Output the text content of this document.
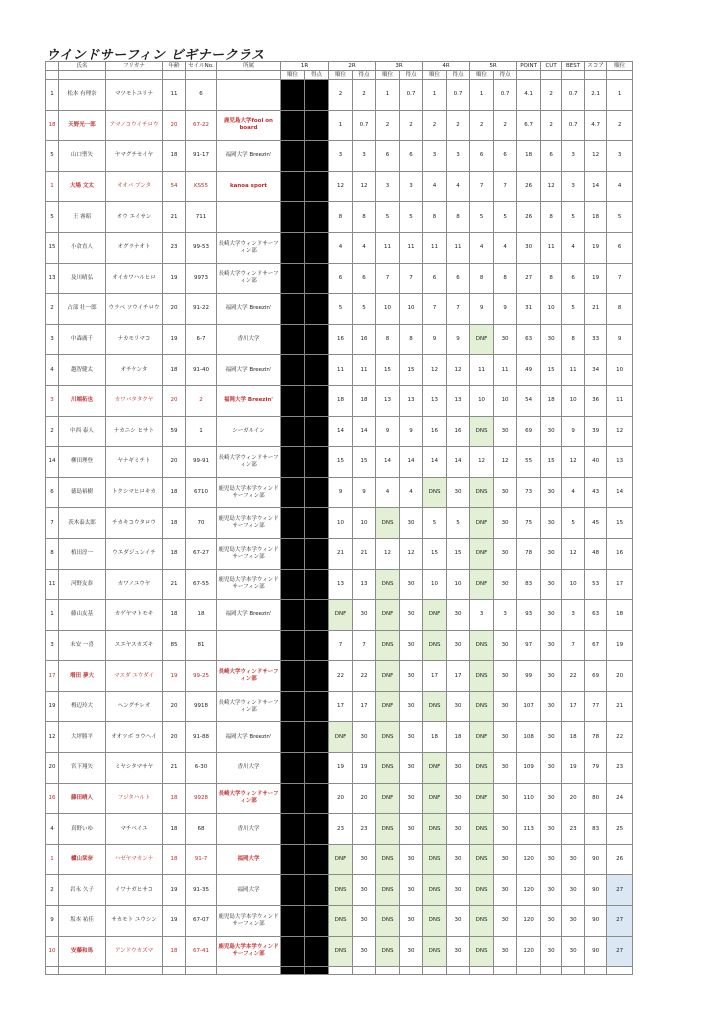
ウインドサーフィン ビギナークラス
	氏名	フリガナ	年齢	セイルNo.	所属	1R		2R		3R		4R		5R		POINT	CUT	BEST	スコア	順位
						順位	得点	順位	得点	順位	得点	順位	得点	順位	得点					
1	松本 有理奈	マツモトユリナ	11	6				2	2	1	0.7	1	0.7	1	0.7	4.1	2	0.7	2.1	1
18	天野光一郎	アマノコウイチロウ	20	67-22	鹿児島大学fool on board			1	0.7	2	2	2	2	2	2	6.7	2	0.7	4.7	2
5	山口聖矢	ヤマグチセイヤ	18	91-17	福岡大学 Breezin'			3	3	6	6	3	3	6	6	18	6	3	12	3
1	大場 文太	オオバ ブンタ	54	KS55	kanoa sport			12	12	3	3	4	4	7	7	26	12	3	14	4
5	王 睿昭	オウ エイサン	21	711				8	8	5	5	8	8	5	5	26	8	5	18	5
15	小倉直人	オグラナオト	23	99-53	長崎大学ウィンドサーフィン部			4	4	11	11	11	11	4	4	30	11	4	19	6
13	及川晴弘	オイカワハルヒロ	19	9973	長崎大学ウィンドサーフィン部			6	6	7	7	6	6	8	8	27	8	6	19	7
2	占部 壮一郎	ウラベ ソウイチロウ	20	91-22	福岡大学 Breezin'			5	5	10	10	7	7	9	9	31	10	5	21	8
3	中森廣千	ナカモリマコ	19	6-7	香川大学			16	16	8	8	9	9	DNF	30	63	30	8	33	9
4	越智健太	オチケンタ	18	91-40	福岡大学 Breezin'			11	11	15	15	12	12	11	11	49	15	11	34	10
3	川端拓也	カワバタタクヤ	20	2	福岡大学 Breezin'			18	18	13	13	13	13	10	10	54	18	10	36	11
2	中西 泰人	ナカニシ ヒサト	59	1	シーガルイン			14	14	9	9	16	16	DNS	30	69	30	9	39	12
14	柳田理登	ヤナギミチト	20	99-91	長崎大学ウィンドサーフィン部			15	15	14	14	14	14	12	12	55	15	12	40	13
6	徳島裕樹	トクシマヒロキカ	18	6710	鹿児島大学本学ウィンドサーフィン部			9	9	4	4	DNS	30	DNS	30	73	30	4	43	14
7	茨木泰太郎	チカキコウタロウ	18	70	鹿児島大学本学ウィンドサーフィン部			10	10	DNS	30	5	5	DNF	30	75	30	5	45	15
8	植田淳一	ウエダジュンイチ	18	67-27	鹿児島大学本学ウィンドサーフィン部			21	21	12	12	15	15	DNF	30	78	30	12	48	16
11	河野友恭	カワノユウヤ	21	67-55	鹿児島大学本学ウィンドサーフィン部			13	13	DNS	30	10	10	DNF	30	83	30	10	53	17
1	藤山友基	カゲヤマトモキ	18	18	福岡大学 Breezin'			DNF	30	DNF	30	DNF	30	3	3	93	30	3	63	18
3	末安 一喜	スエヤスカズキ	85	81				7	7	DNS	30	DNS	30	DNS	30	97	30	7	67	19
17	増田 夢大	マスダ ユウダイ	19	99-25	長崎大学ウィンドサーフィン部			22	22	DNF	30	17	17	DNS	30	99	30	22	69	20
19	栂辺玲大	ヘングチレオ	20	9918	長崎大学ウィンドサーフィン部			17	17	DNF	30	DNS	30	DNS	30	107	30	17	77	21
12	大坪勝平	オオツボ ヨウヘイ	20	91-88	福岡大学 Breezin'			DNF	30	DNS	30	18	18	DNF	30	108	30	18	78	22
20	宮下翔矢	ミヤシタマサヤ	21	6-30	香川大学			19	19	DNS	30	DNF	30	DNS	30	109	30	19	79	23
16	藤田晴人	フジタハルト	18	9928	長崎大学ウィンドサーフィン部			20	20	DNF	30	DNF	30	DNF	30	110	30	20	80	24
4	真野いゆ	マチベイユ	18	68	香川大学			23	23	DNS	30	DNS	30	DNS	30	113	30	23	83	25
1	櫨山栞奈	ハゼヤマカンナ	18	91-7	福岡大学			DNF	30	DNS	30	DNS	30	DNS	30	120	30	30	90	26
2	岩永 久子	イワナガヒサコ	19	91-35	福岡大学			DNS	30	DNS	30	DNS	30	DNS	30	120	30	30	90	27
9	坂本 祐佳	サカモト ユウシン	19	67-07	鹿児島大学本学ウィンドサーフィン部			DNS	30	DNS	30	DNS	30	DNS	30	120	30	30	90	27
10	安藤和馬	アンドウカズマ	18	67-41	鹿児島大学本学ウィンドサーフィン部			DNS	30	DNS	30	DNS	30	DNS	30	120	30	30	90	27
